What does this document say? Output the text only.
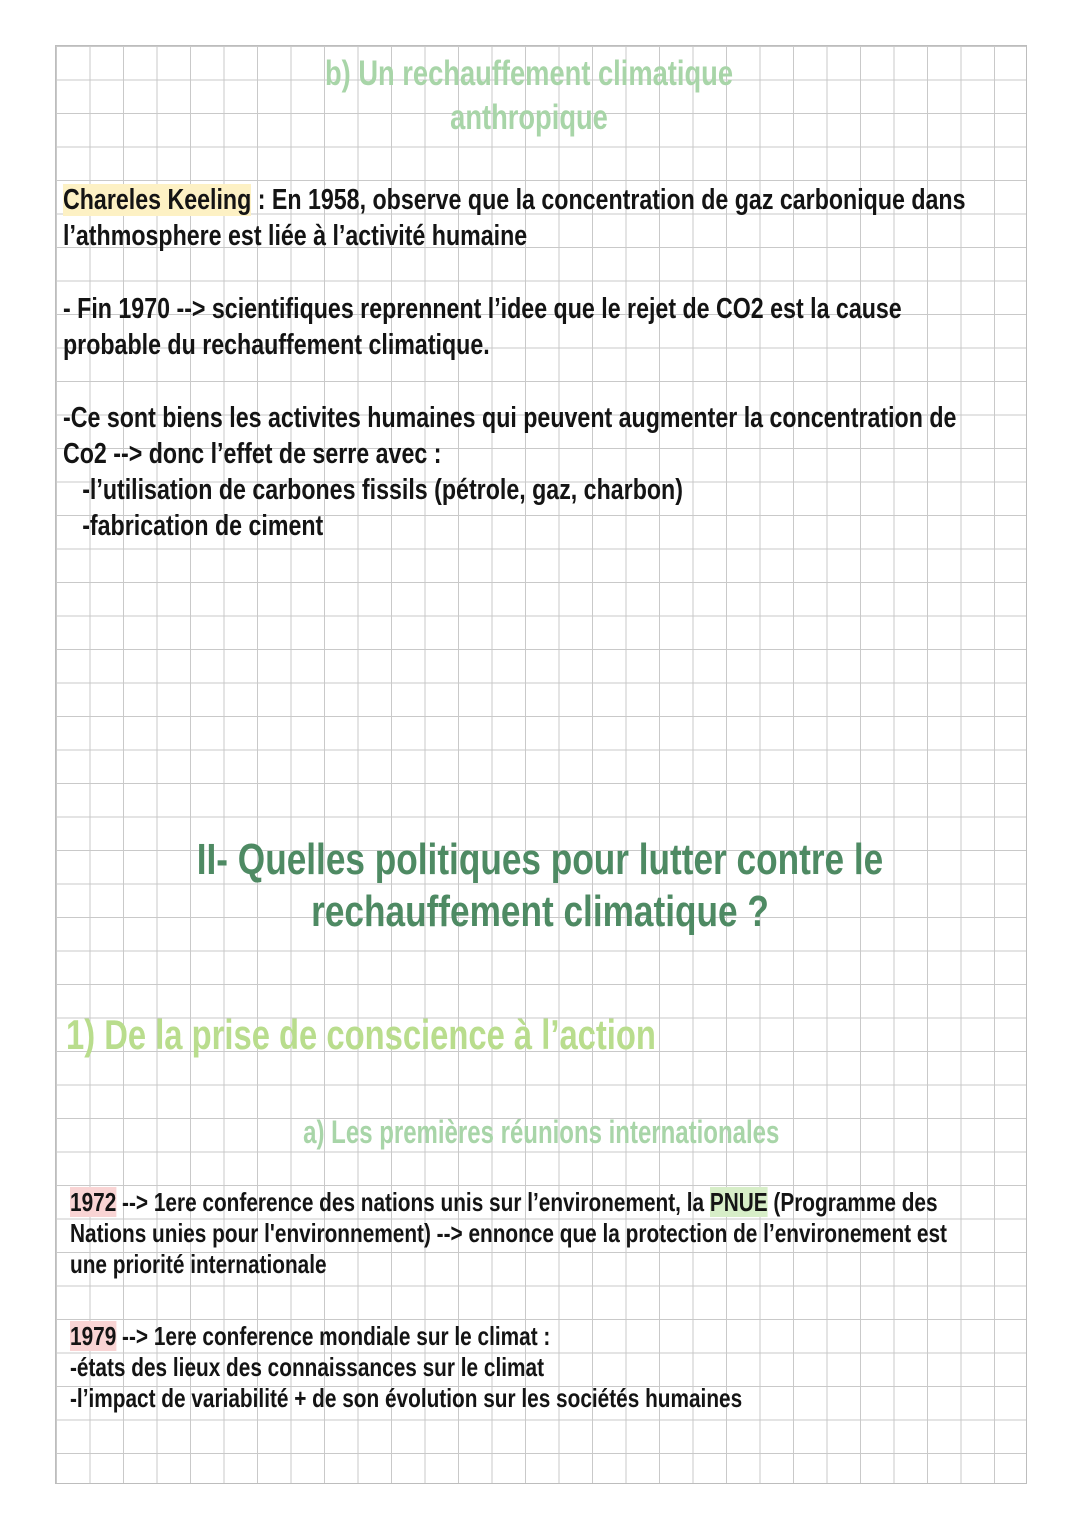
b) Un rechauffement climatique
anthropique
Chareles Keeling : En 1958, observe que la concentration de gaz carbonique dans
l’athmosphere est liée à l’activité humaine
- Fin 1970 --> scientifiques reprennent l’idee que le rejet de CO2 est la cause
probable du rechauffement climatique.
-Ce sont biens les activites humaines qui peuvent augmenter la concentration de
Co2 --> donc l’effet de serre avec :
-l’utilisation de carbones fissils (pétrole, gaz, charbon)
-fabrication de ciment
II- Quelles politiques pour lutter contre le
rechauffement climatique ?
1) De la prise de conscience à l’action
a) Les premières réunions internationales
1972 --> 1ere conference des nations unis sur l’environement, la PNUE (Programme des
Nations unies pour l'environnement) --> ennonce que la protection de l’environement est
une priorité internationale
1979 --> 1ere conference mondiale sur le climat :
-états des lieux des connaissances sur le climat
-l’impact de variabilité + de son évolution sur les sociétés humaines
